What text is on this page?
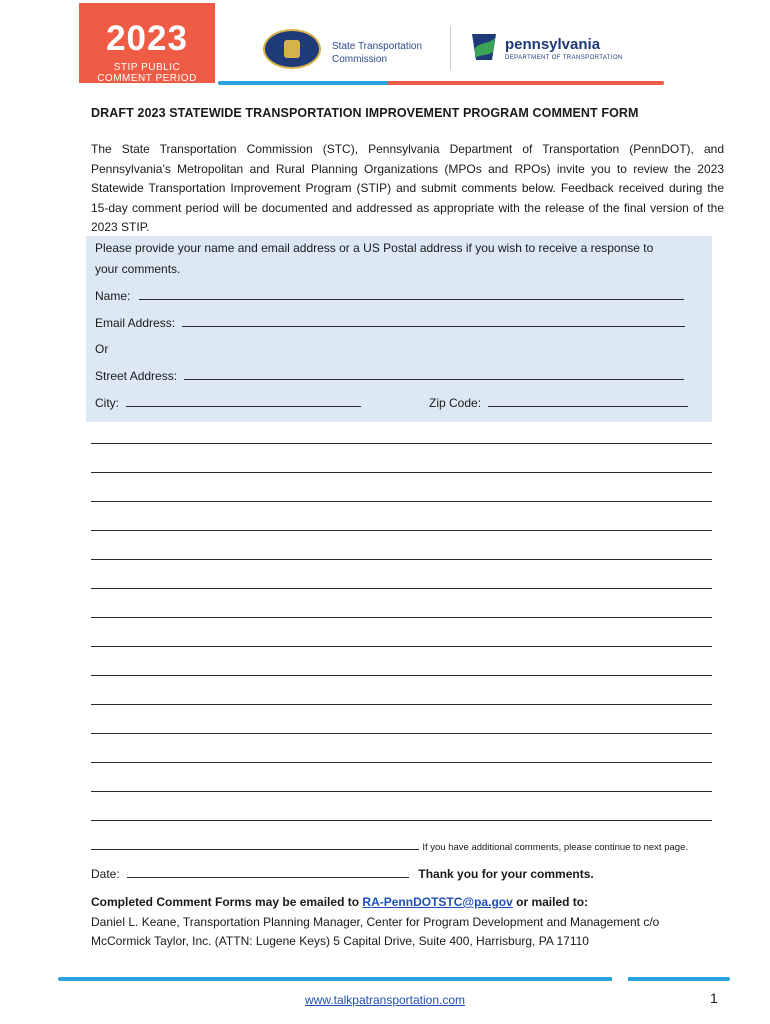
2023
STIP PUBLIC
COMMENT PERIOD
State Transportation
Commission
pennsylvania
DEPARTMENT OF TRANSPORTATION
DRAFT 2023 STATEWIDE TRANSPORTATION IMPROVEMENT PROGRAM COMMENT FORM
The State Transportation Commission (STC), Pennsylvania Department of Transportation (PennDOT), and Pennsylvania’s Metropolitan and Rural Planning Organizations (MPOs and RPOs) invite you to review the 2023 Statewide Transportation Improvement Program (STIP) and submit comments below. Feedback received during the 15-day comment period will be documented and addressed as appropriate with the release of the final version of the 2023 STIP.
Please provide your name and email address or a US Postal address if you wish to receive a response to
your comments.
Name:
Email Address:
Or
Street Address:
City:	Zip Code:
If you have additional comments, please continue to next page.
Date:	Thank you for your comments.
Completed Comment Forms may be emailed to RA-PennDOTSTC@pa.gov or mailed to:
Daniel L. Keane, Transportation Planning Manager, Center for Program Development and Management c/o
McCormick Taylor, Inc. (ATTN: Lugene Keys) 5 Capital Drive, Suite 400, Harrisburg, PA 17110
www.talkpatransportation.com	1
